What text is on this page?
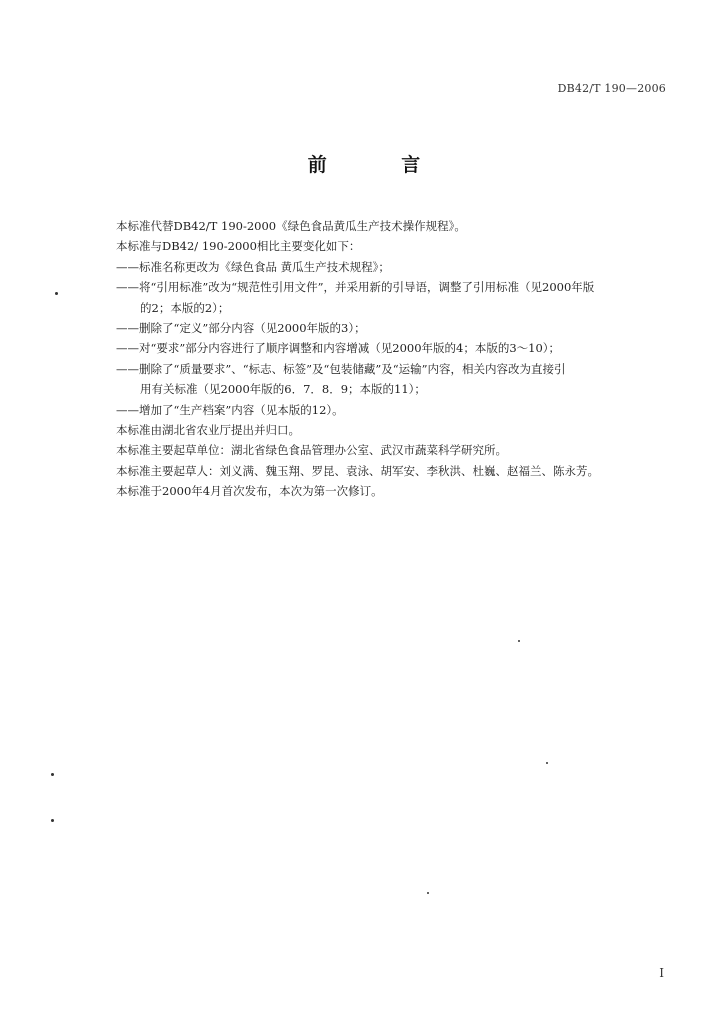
DB42/T 190—2006
前 言
本标准代替DB42/T 190-2000《绿色食品黄瓜生产技术操作规程》。
本标准与DB42/ 190-2000相比主要变化如下：
——标准名称更改为《绿色食品 黄瓜生产技术规程》；
——将“引用标准”改为“规范性引用文件”，并采用新的引导语，调整了引用标准（见2000年版
的2；本版的2）；
——删除了“定义”部分内容（见2000年版的3）；
——对“要求”部分内容进行了顺序调整和内容增减（见2000年版的4；本版的3～10）；
——删除了“质量要求”、“标志、标签”及“包装储藏”及“运输”内容，相关内容改为直接引
用有关标准（见2000年版的6．7．8．9；本版的11）；
——增加了“生产档案”内容（见本版的12）。
本标准由湖北省农业厅提出并归口。
本标准主要起草单位：湖北省绿色食品管理办公室、武汉市蔬菜科学研究所。
本标准主要起草人：刘义满、魏玉翔、罗昆、袁泳、胡军安、李秋洪、杜巍、赵福兰、陈永芳。
本标准于2000年4月首次发布，本次为第一次修订。
I
